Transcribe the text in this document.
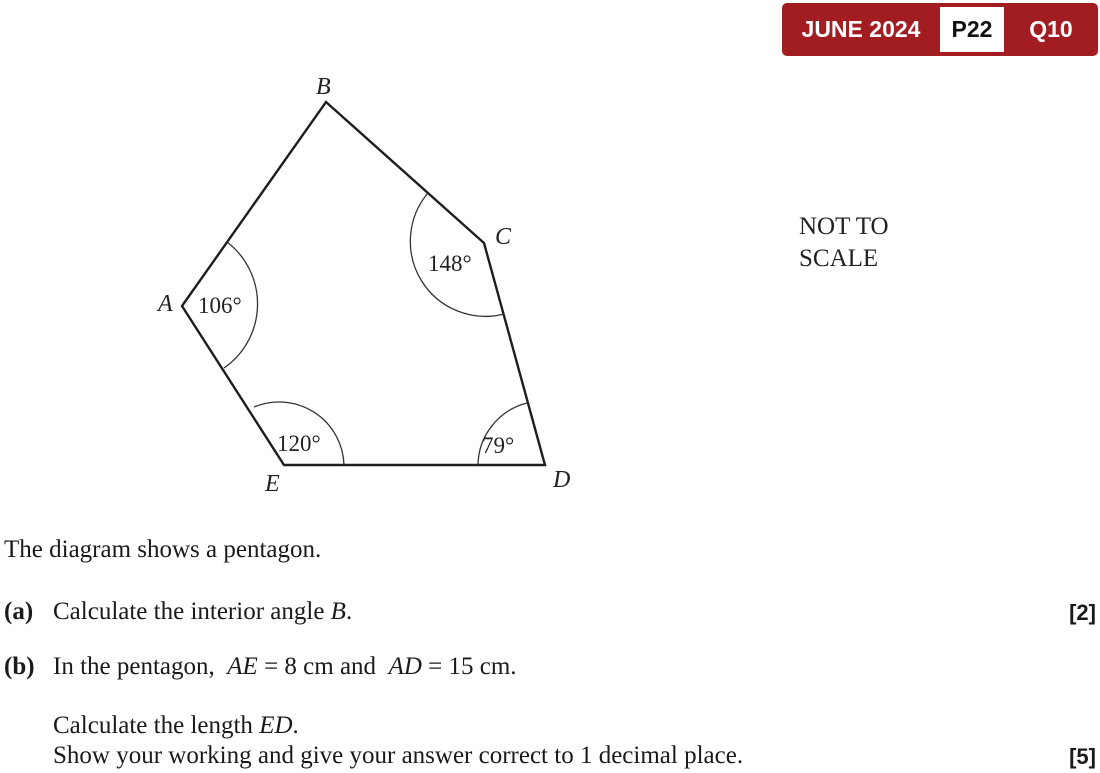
JUNE 2024	P22	Q10
B
A
C
D
E
106°
148°
120°	79°
NOT TO
SCALE
The diagram shows a pentagon.
(a) Calculate the interior angle B.	[2]
(b) In the pentagon,  AE = 8 cm and  AD = 15 cm.
Calculate the length ED.
Show your working and give your answer correct to 1 decimal place.	[5]
